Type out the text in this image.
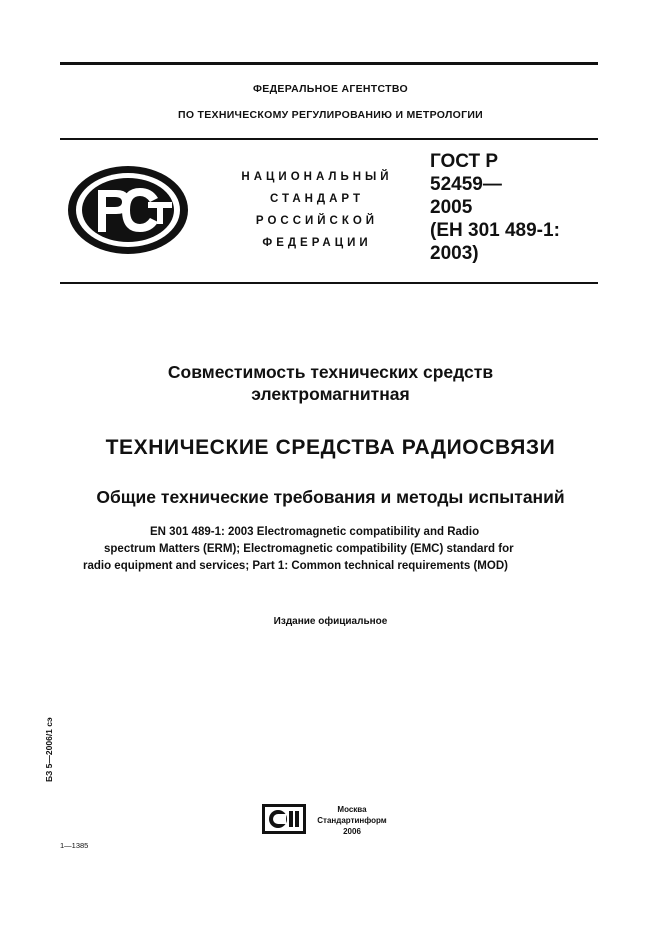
ФЕДЕРАЛЬНОЕ АГЕНТСТВО
ПО ТЕХНИЧЕСКОМУ РЕГУЛИРОВАНИЮ И МЕТРОЛОГИИ
НАЦИОНАЛЬНЫЙ
СТАНДАРТ
РОССИЙСКОЙ
ФЕДЕРАЦИИ
ГОСТ Р
52459—
2005
(ЕН 301 489-1:
2003)
Совместимость технических средств
электромагнитная
ТЕХНИЧЕСКИЕ СРЕДСТВА РАДИОСВЯЗИ
Общие технические требования и методы испытаний
EN 301 489-1: 2003 Electromagnetic compatibility and Radio
spectrum Matters (ERM); Electromagnetic compatibility (EMC) standard for
radio equipment and services; Part 1: Common technical requirements (MOD)
Издание официальное
БЗ 5—2006/1 сэ
Москва
Стандартинформ
2006
1—1385
